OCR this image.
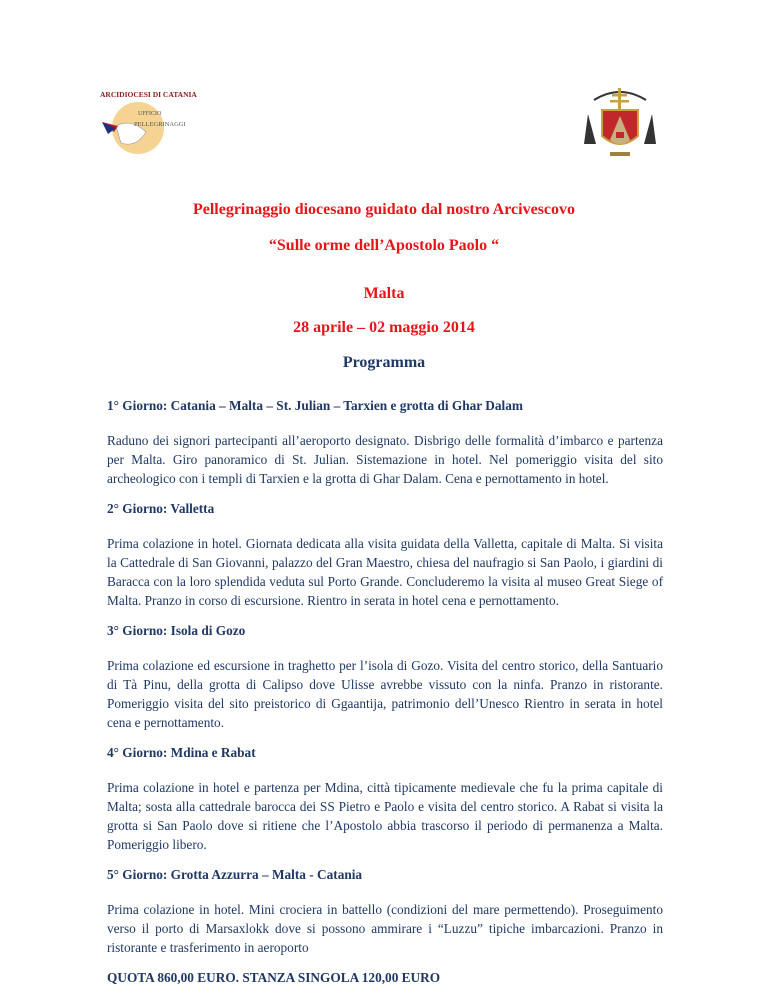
ARCIDIOCESI DI CATANIA
UFFICIO
PELLEGRINAGGI
Pellegrinaggio diocesano guidato dal nostro Arcivescovo
“Sulle orme dell’Apostolo Paolo “
Malta
28 aprile – 02 maggio 2014
Programma
1° Giorno: Catania – Malta – St. Julian – Tarxien e grotta di Ghar Dalam
Raduno dei signori partecipanti all’aeroporto designato. Disbrigo delle formalità d’imbarco e partenza per Malta. Giro panoramico di St. Julian. Sistemazione in hotel. Nel pomeriggio visita del sito archeologico con i templi di Tarxien e la grotta di Ghar Dalam. Cena e pernottamento in hotel.
2° Giorno: Valletta
Prima colazione in hotel. Giornata dedicata alla visita guidata della Valletta, capitale di Malta. Si visita la Cattedrale di San Giovanni, palazzo del Gran Maestro, chiesa del naufragio si San Paolo, i giardini di Baracca con la loro splendida veduta sul Porto Grande. Concluderemo la visita al museo Great Siege of Malta. Pranzo in corso di escursione. Rientro in serata in hotel cena e pernottamento.
3° Giorno: Isola di Gozo
Prima colazione ed escursione in traghetto per l’isola di Gozo. Visita del centro storico, della Santuario di Tà Pinu, della grotta di Calipso dove Ulisse avrebbe vissuto con la ninfa. Pranzo in ristorante. Pomeriggio visita del sito preistorico di Ggaantija, patrimonio dell’Unesco Rientro in serata in hotel cena e pernottamento.
4° Giorno: Mdina e Rabat
Prima colazione in hotel e partenza per Mdina, città tipicamente medievale che fu la prima capitale di Malta; sosta alla cattedrale barocca dei SS Pietro e Paolo e visita del centro storico. A Rabat si visita la grotta si San Paolo dove si ritiene che l’Apostolo abbia trascorso il periodo di permanenza a Malta. Pomeriggio libero.
5° Giorno: Grotta Azzurra – Malta - Catania
Prima colazione in hotel. Mini crociera in battello (condizioni del mare permettendo). Proseguimento verso il porto di Marsaxlokk dove si possono ammirare i “Luzzu” tipiche imbarcazioni. Pranzo in ristorante e trasferimento in aeroporto
QUOTA 860,00 EURO. STANZA SINGOLA 120,00 EURO
